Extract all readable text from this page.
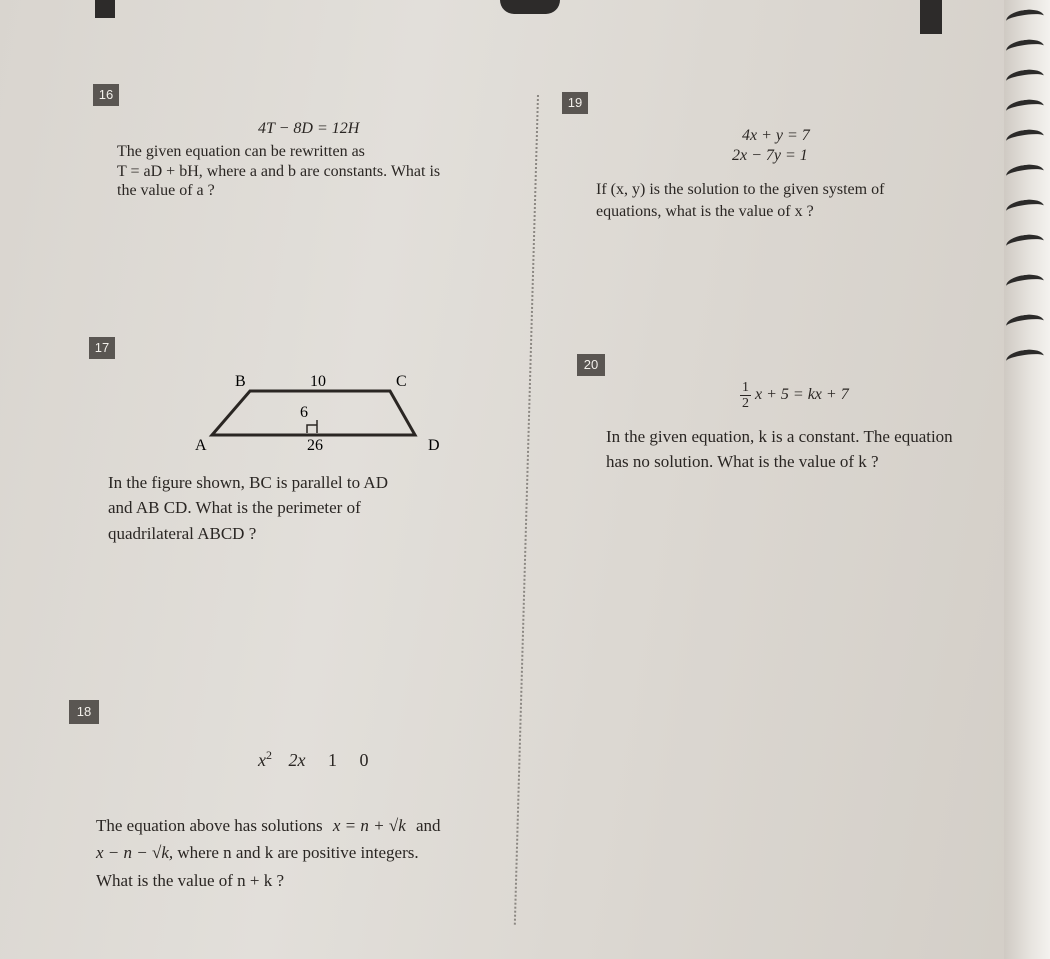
16
4T − 8D = 12H
The given equation can be rewritten as
T = aD + bH, where a and b are constants. What is
the value of a ?
19
4x + y = 7
2x − 7y = 1
If (x, y) is the solution to the given system of
equations, what is the value of x ?
17
B	10	C
6
A	26	D
In the figure shown, BC is parallel to AD
and AB CD. What is the perimeter of
quadrilateral ABCD ?
20
$\frac{1}{2}$ x + 5 = kx + 7
In the given equation, k is a constant. The equation
has no solution. What is the value of k ?
18
$x^2$ 2x 1 0
The equation above has solutions x = n + √k and
x − n − √k, where n and k are positive integers.
What is the value of n + k ?
